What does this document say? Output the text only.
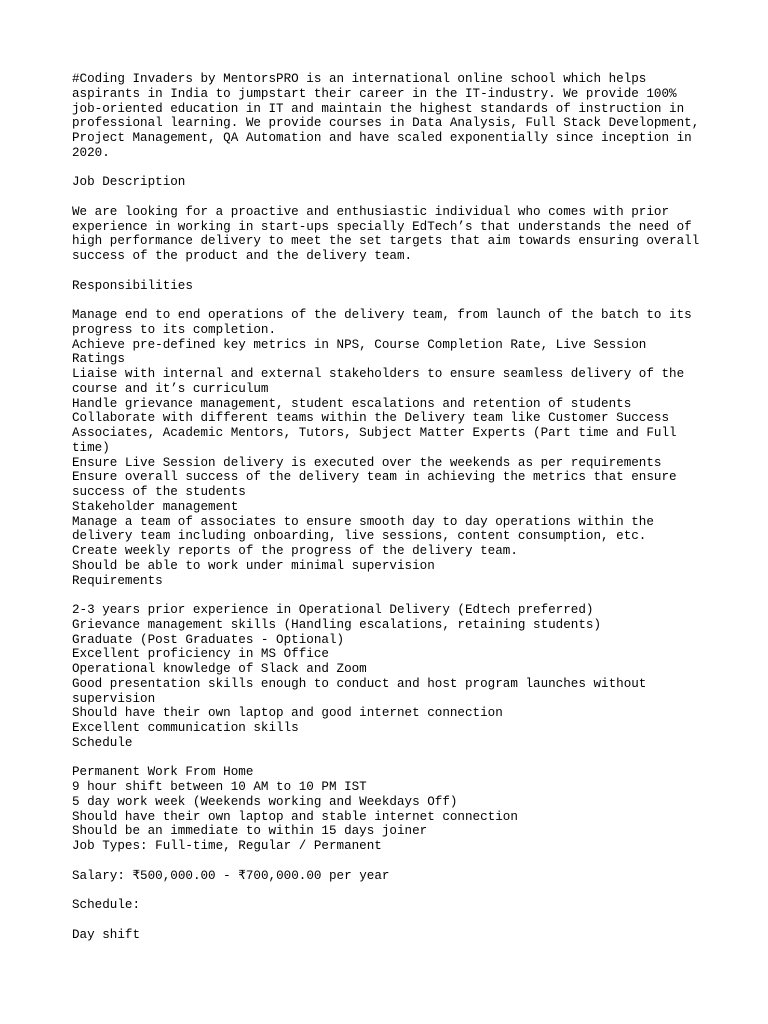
#Coding Invaders by MentorsPRO is an international online school which helps
aspirants in India to jumpstart their career in the IT-industry. We provide 100%
job-oriented education in IT and maintain the highest standards of instruction in
professional learning. We provide courses in Data Analysis, Full Stack Development,
Project Management, QA Automation and have scaled exponentially since inception in
2020.
Job Description
We are looking for a proactive and enthusiastic individual who comes with prior
experience in working in start-ups specially EdTech’s that understands the need of
high performance delivery to meet the set targets that aim towards ensuring overall
success of the product and the delivery team.
Responsibilities
Manage end to end operations of the delivery team, from launch of the batch to its
progress to its completion.
Achieve pre-defined key metrics in NPS, Course Completion Rate, Live Session
Ratings
Liaise with internal and external stakeholders to ensure seamless delivery of the
course and it’s curriculum
Handle grievance management, student escalations and retention of students
Collaborate with different teams within the Delivery team like Customer Success
Associates, Academic Mentors, Tutors, Subject Matter Experts (Part time and Full
time)
Ensure Live Session delivery is executed over the weekends as per requirements
Ensure overall success of the delivery team in achieving the metrics that ensure
success of the students
Stakeholder management
Manage a team of associates to ensure smooth day to day operations within the
delivery team including onboarding, live sessions, content consumption, etc.
Create weekly reports of the progress of the delivery team.
Should be able to work under minimal supervision
Requirements
2-3 years prior experience in Operational Delivery (Edtech preferred)
Grievance management skills (Handling escalations, retaining students)
Graduate (Post Graduates - Optional)
Excellent proficiency in MS Office
Operational knowledge of Slack and Zoom
Good presentation skills enough to conduct and host program launches without
supervision
Should have their own laptop and good internet connection
Excellent communication skills
Schedule
Permanent Work From Home
9 hour shift between 10 AM to 10 PM IST
5 day work week (Weekends working and Weekdays Off)
Should have their own laptop and stable internet connection
Should be an immediate to within 15 days joiner
Job Types: Full-time, Regular / Permanent
Salary: ₹500,000.00 - ₹700,000.00 per year
Schedule:
Day shift
